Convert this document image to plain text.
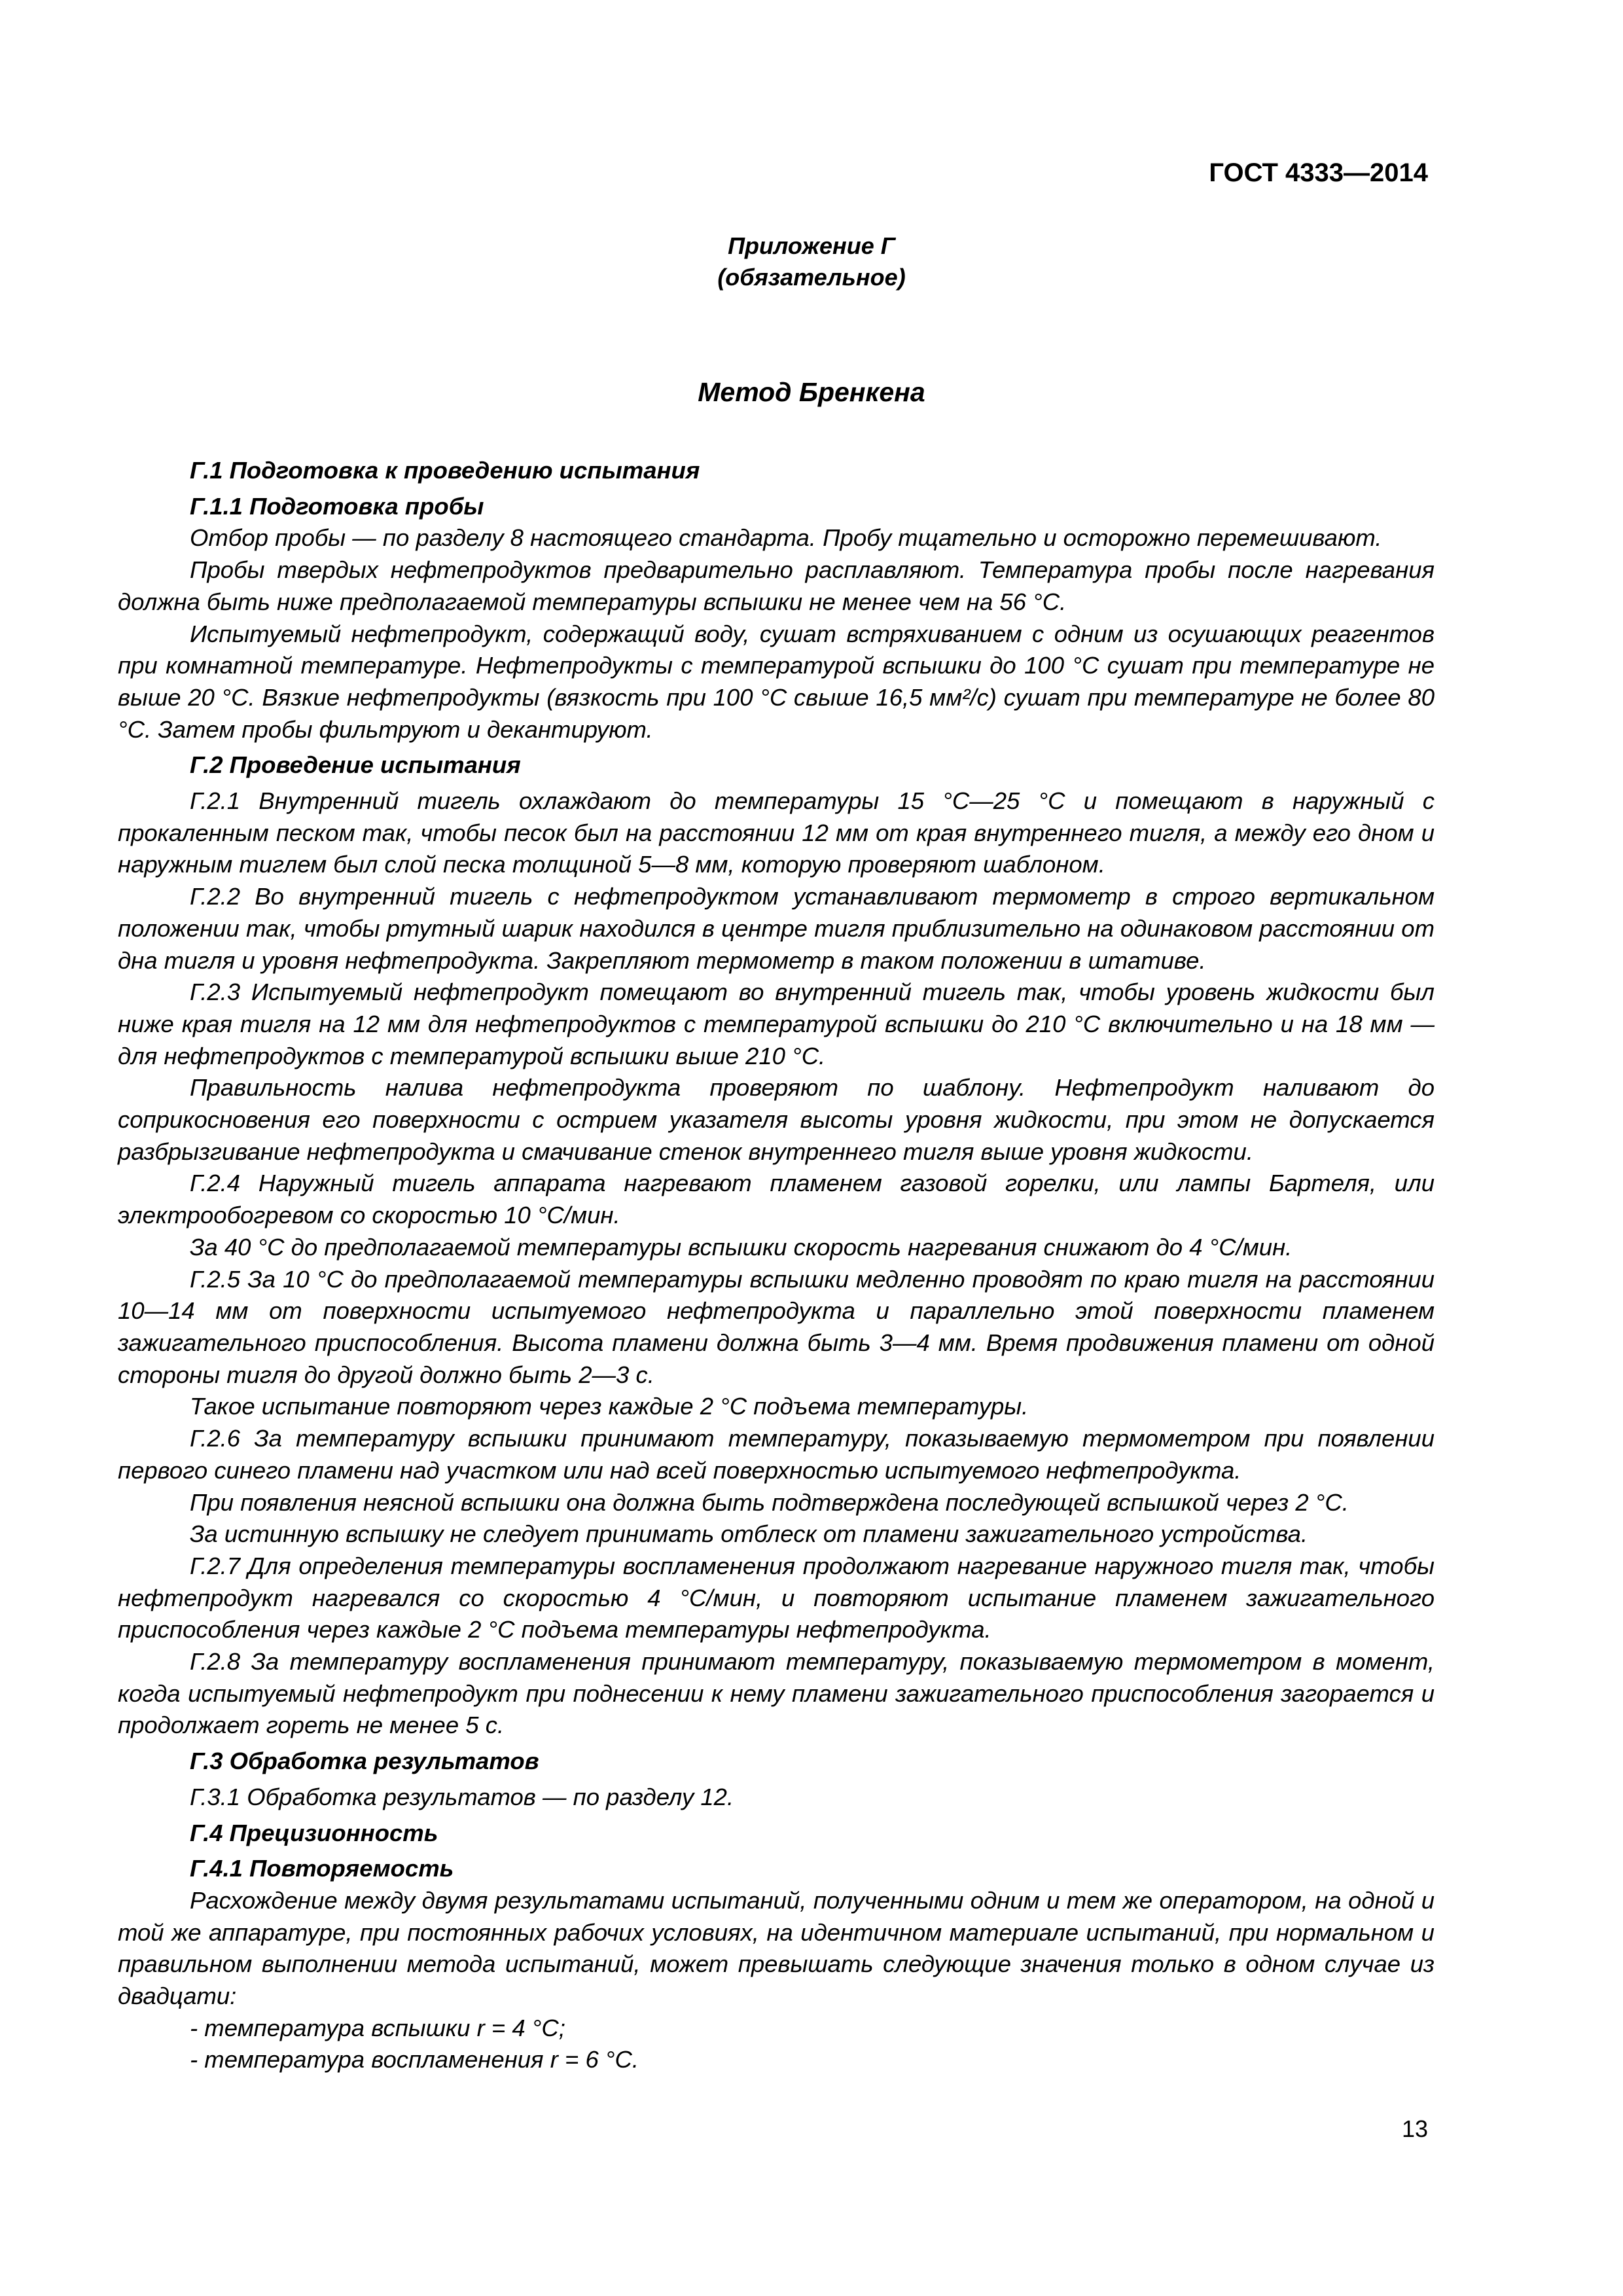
ГОСТ 4333—2014
Приложение Г
(обязательное)
Метод Бренкена
Г.1 Подготовка к проведению испытания
Г.1.1 Подготовка пробы
Отбор пробы — по разделу 8 настоящего стандарта. Пробу тщательно и осторожно перемешивают.
Пробы твердых нефтепродуктов предварительно расплавляют. Температура пробы после нагревания должна быть ниже предполагаемой температуры вспышки не менее чем на 56 °С.
Испытуемый нефтепродукт, содержащий воду, сушат встряхиванием с одним из осушающих реагентов при комнатной температуре. Нефтепродукты с температурой вспышки до 100 °С сушат при температуре не выше 20 °С. Вязкие нефтепродукты (вязкость при 100 °С свыше 16,5 мм²/с) сушат при температуре не более 80 °С. Затем пробы фильтруют и декантируют.
Г.2 Проведение испытания
Г.2.1 Внутренний тигель охлаждают до температуры 15 °С—25 °С и помещают в наружный с прокаленным песком так, чтобы песок был на расстоянии 12 мм от края внутреннего тигля, а между его дном и наружным тиглем был слой песка толщиной 5—8 мм, которую проверяют шаблоном.
Г.2.2 Во внутренний тигель с нефтепродуктом устанавливают термометр в строго вертикальном положении так, чтобы ртутный шарик находился в центре тигля приблизительно на одинаковом расстоянии от дна тигля и уровня нефтепродукта. Закрепляют термометр в таком положении в штативе.
Г.2.3 Испытуемый нефтепродукт помещают во внутренний тигель так, чтобы уровень жидкости был ниже края тигля на 12 мм для нефтепродуктов с температурой вспышки до 210 °С включительно и на 18 мм — для нефтепродуктов с температурой вспышки выше 210 °С.
Правильность налива нефтепродукта проверяют по шаблону. Нефтепродукт наливают до соприкосновения его поверхности с острием указателя высоты уровня жидкости, при этом не допускается разбрызгивание нефтепродукта и смачивание стенок внутреннего тигля выше уровня жидкости.
Г.2.4 Наружный тигель аппарата нагревают пламенем газовой горелки, или лампы Бартеля, или электрообогревом со скоростью 10 °С/мин.
За 40 °С до предполагаемой температуры вспышки скорость нагревания снижают до 4 °С/мин.
Г.2.5 За 10 °С до предполагаемой температуры вспышки медленно проводят по краю тигля на расстоянии 10—14 мм от поверхности испытуемого нефтепродукта и параллельно этой поверхности пламенем зажигательного приспособления. Высота пламени должна быть 3—4 мм. Время продвижения пламени от одной стороны тигля до другой должно быть 2—3 с.
Такое испытание повторяют через каждые 2 °С подъема температуры.
Г.2.6 За температуру вспышки принимают температуру, показываемую термометром при появлении первого синего пламени над участком или над всей поверхностью испытуемого нефтепродукта.
При появления неясной вспышки она должна быть подтверждена последующей вспышкой через 2 °С.
За истинную вспышку не следует принимать отблеск от пламени зажигательного устройства.
Г.2.7 Для определения температуры воспламенения продолжают нагревание наружного тигля так, чтобы нефтепродукт нагревался со скоростью 4 °С/мин, и повторяют испытание пламенем зажигательного приспособления через каждые 2 °С подъема температуры нефтепродукта.
Г.2.8 За температуру воспламенения принимают температуру, показываемую термометром в момент, когда испытуемый нефтепродукт при поднесении к нему пламени зажигательного приспособления загорается и продолжает гореть не менее 5 с.
Г.3 Обработка результатов
Г.3.1 Обработка результатов — по разделу 12.
Г.4 Прецизионность
Г.4.1 Повторяемость
Расхождение между двумя результатами испытаний, полученными одним и тем же оператором, на одной и той же аппаратуре, при постоянных рабочих условиях, на идентичном материале испытаний, при нормальном и правильном выполнении метода испытаний, может превышать следующие значения только в одном случае из двадцати:
- температура вспышки r = 4 °С;
- температура воспламенения r = 6 °С.
13
